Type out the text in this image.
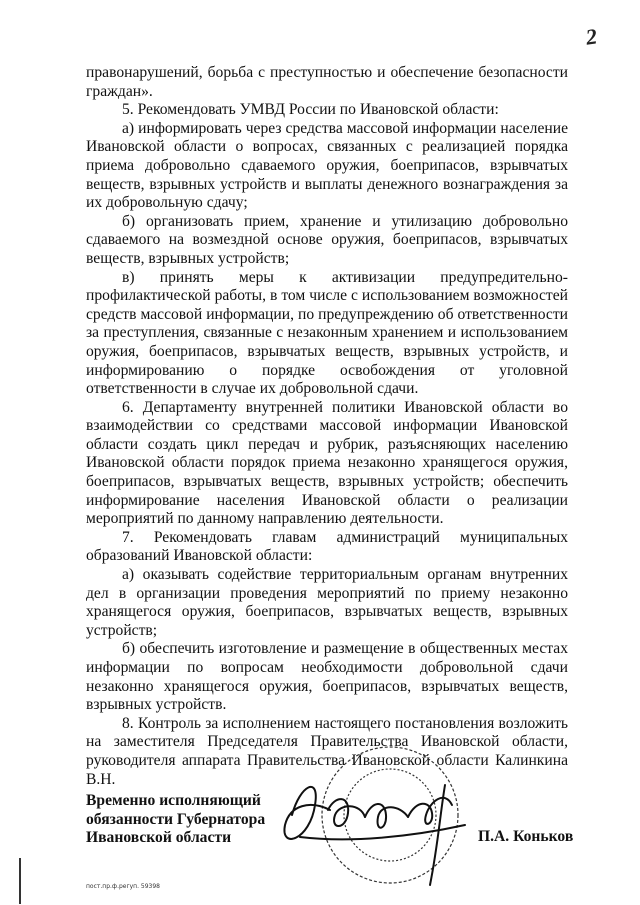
2

правонарушений, борьба с преступностью и обеспечение безопасности граждан».

5. Рекомендовать УМВД России по Ивановской области:

а) информировать через средства массовой информации население Ивановской области о вопросах, связанных с реализацией порядка приема добровольно сдаваемого оружия, боеприпасов, взрывчатых веществ, взрывных устройств и выплаты денежного вознаграждения за их добровольную сдачу;

б) организовать прием, хранение и утилизацию добровольно сдаваемого на возмездной основе оружия, боеприпасов, взрывчатых веществ, взрывных устройств;

в) принять меры к активизации предупредительно-профилактической работы, в том числе с использованием возможностей средств массовой информации, по предупреждению об ответственности за преступления, связанные с незаконным хранением и использованием оружия, боеприпасов, взрывчатых веществ, взрывных устройств, и информированию о порядке освобождения от уголовной ответственности в случае их добровольной сдачи.

6. Департаменту внутренней политики Ивановской области во взаимодействии со средствами массовой информации Ивановской области создать цикл передач и рубрик, разъясняющих населению Ивановской области порядок приема незаконно хранящегося оружия, боеприпасов, взрывчатых веществ, взрывных устройств; обеспечить информирование населения Ивановской области о реализации мероприятий по данному направлению деятельности.

7. Рекомендовать главам администраций муниципальных образований Ивановской области:

а) оказывать содействие территориальным органам внутренних дел в организации проведения мероприятий по приему незаконно хранящегося оружия, боеприпасов, взрывчатых веществ, взрывных устройств;

б) обеспечить изготовление и размещение в общественных местах информации по вопросам необходимости добровольной сдачи незаконно хранящегося оружия, боеприпасов, взрывчатых веществ, взрывных устройств.

8. Контроль за исполнением настоящего постановления возложить на заместителя Председателя Правительства Ивановской области, руководителя аппарата Правительства Ивановской области Калинкина В.Н.

Временно исполняющий
обязанности Губернатора
Ивановской области	П.А. Коньков
пост.пр.ф.регуп. 59398
